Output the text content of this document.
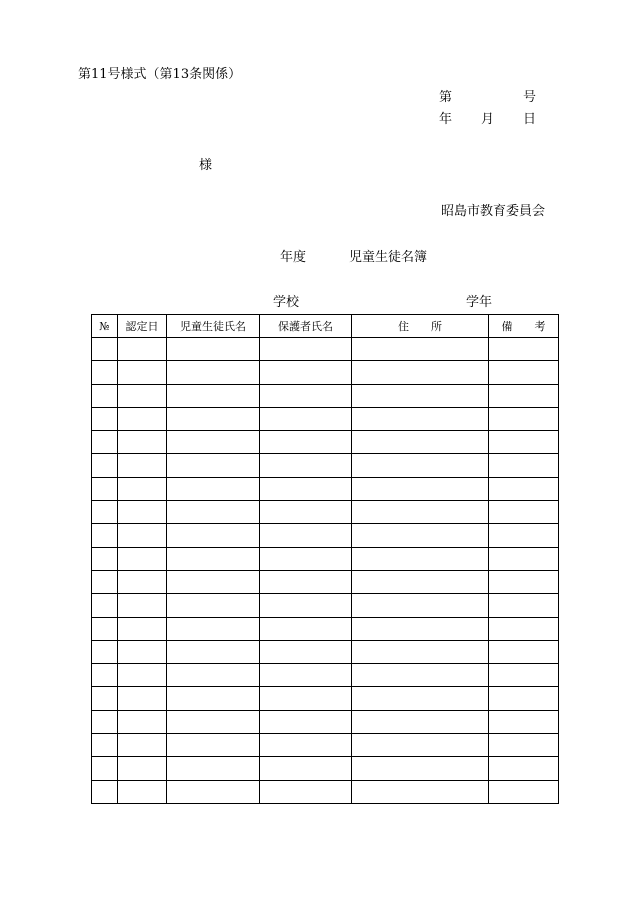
第11号様式（第13条関係）
第	号
年 月 日
様
昭島市教育委員会
年度	児童生徒名簿
学校	学年
№	認定日	児童生徒氏名	保護者氏名	住　　所	備　　考
